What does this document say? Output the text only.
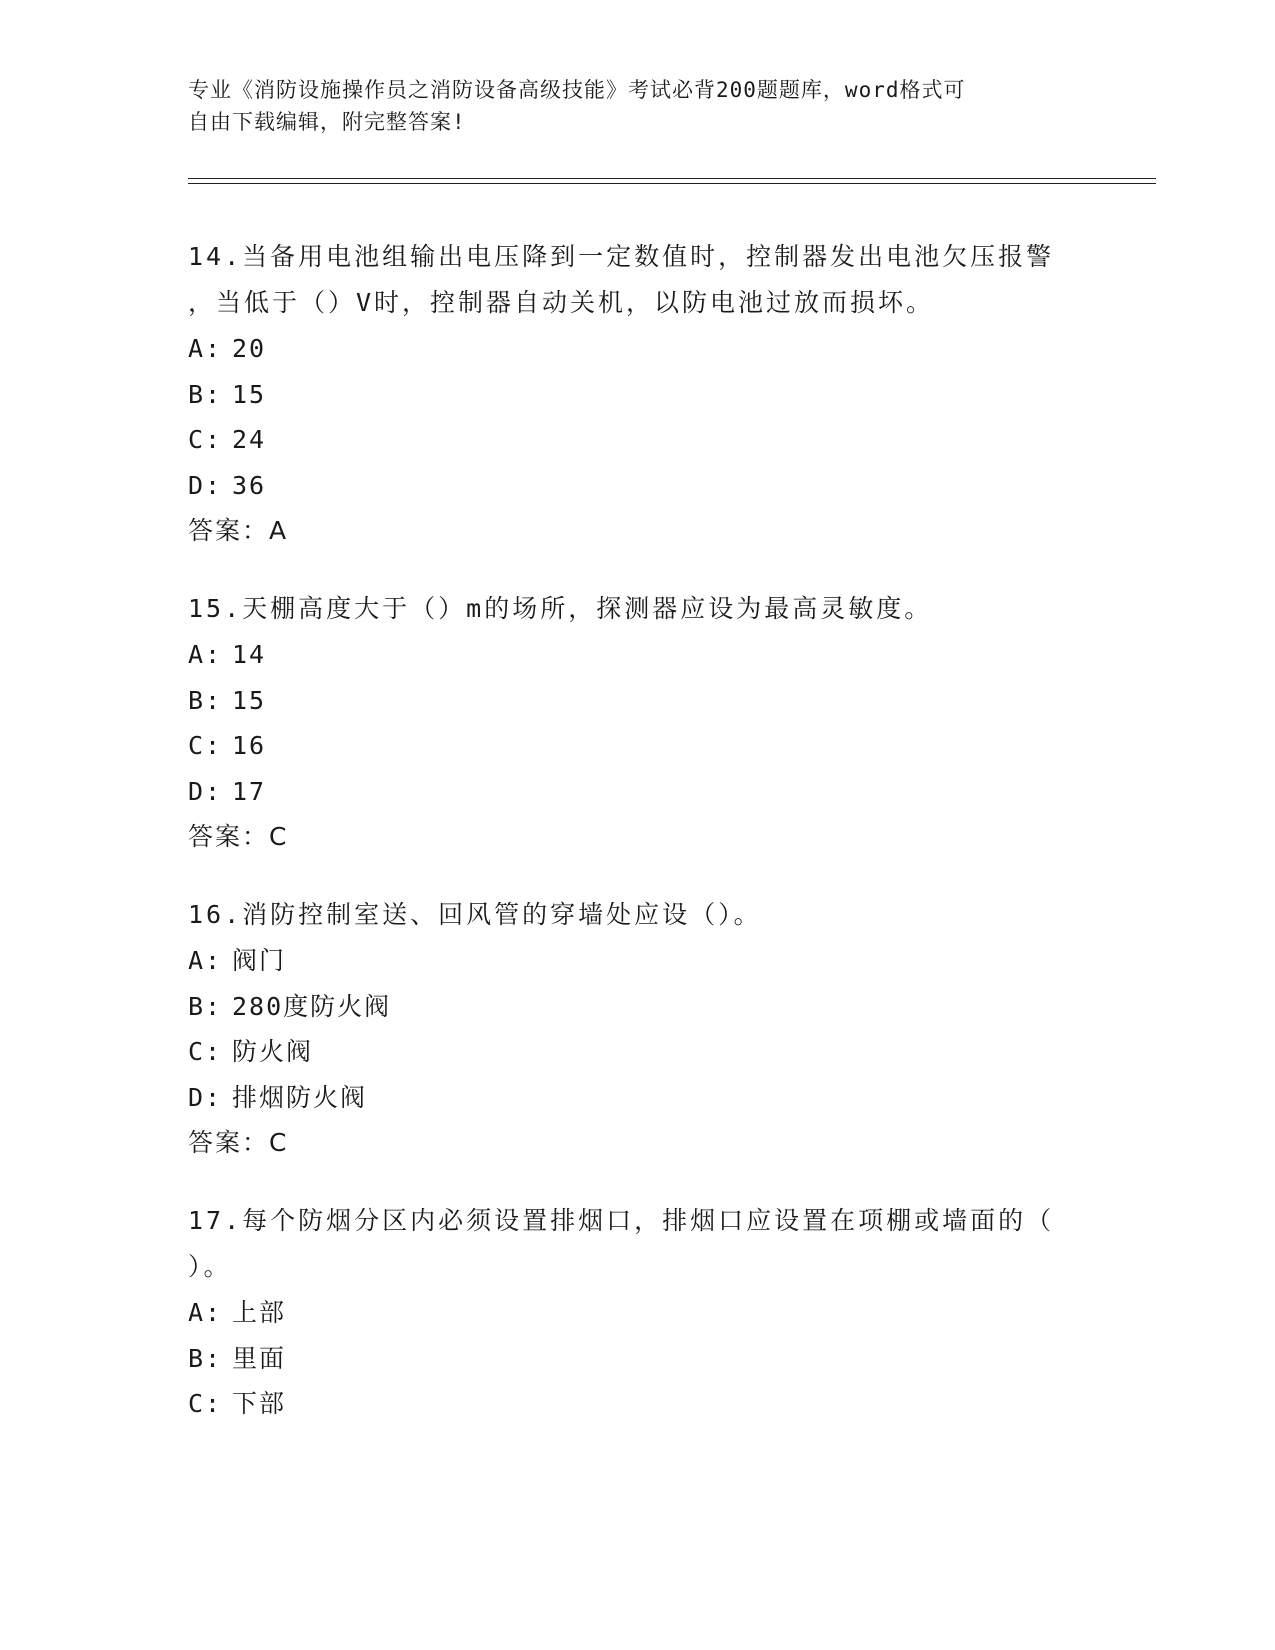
专业《消防设施操作员之消防设备高级技能》考试必背200题题库，word格式可
自由下载编辑，附完整答案!
14.当备用电池组输出电压降到一定数值时，控制器发出电池欠压报警
，当低于（）V时，控制器自动关机，以防电池过放而损坏。
A: 20
B: 15
C: 24
D: 36
答案：A
15.天棚高度大于（）m的场所，探测器应设为最高灵敏度。
A: 14
B: 15
C: 16
D: 17
答案：C
16.消防控制室送、回风管的穿墙处应设（）。
A: 阀门
B: 280度防火阀
C: 防火阀
D: 排烟防火阀
答案：C
17.每个防烟分区内必须设置排烟口，排烟口应设置在项棚或墙面的（
）。
A: 上部
B: 里面
C: 下部
